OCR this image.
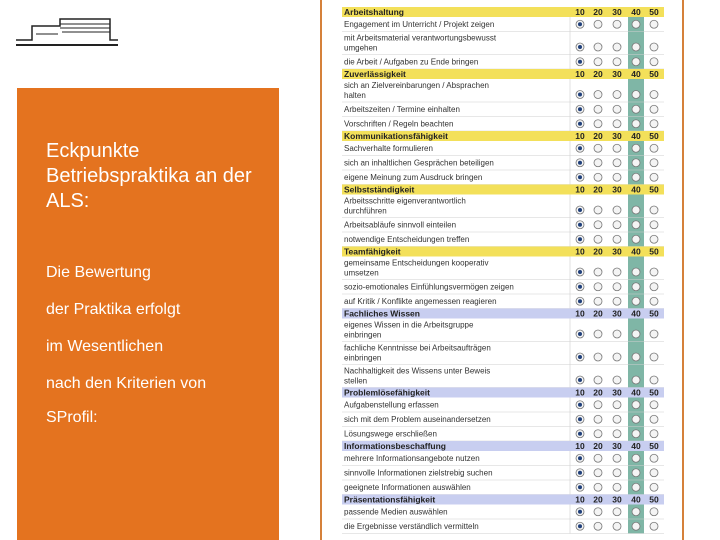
Eckpunkte Betriebspraktika an der ALS:
Die Bewertung
der Praktika erfolgt
im Wesentlichen
nach den Kriterien von
SProfil:
Arbeitshaltung	10 20 30 40 50
Engagement im Unterricht / Projekt zeigen
mit Arbeitsmaterial verantwortungsbewusst umgehen
die Arbeit / Aufgaben zu Ende bringen
Zuverlässigkeit	10 20 30 40 50
sich an Zielvereinbarungen / Absprachen halten
Arbeitszeiten / Termine einhalten
Vorschriften / Regeln beachten
Kommunikationsfähigkeit	10 20 30 40 50
Sachverhalte formulieren
sich an inhaltlichen Gesprächen beteiligen
eigene Meinung zum Ausdruck bringen
Selbstständigkeit	10 20 30 40 50
Arbeitsschritte eigenverantwortlich durchführen
Arbeitsabläufe sinnvoll einteilen
notwendige Entscheidungen treffen
Teamfähigkeit	10 20 30 40 50
gemeinsame Entscheidungen kooperativ umsetzen
sozio-emotionales Einfühlungsvermögen zeigen
auf Kritik / Konflikte angemessen reagieren
Fachliches Wissen	10 20 30 40 50
eigenes Wissen in die Arbeitsgruppe einbringen
fachliche Kenntnisse bei Arbeitsaufträgen einbringen
Nachhaltigkeit des Wissens unter Beweis stellen
Problemlösefähigkeit	10 20 30 40 50
Aufgabenstellung erfassen
sich mit dem Problem auseinandersetzen
Lösungswege erschließen
Informationsbeschaffung	10 20 30 40 50
mehrere Informationsangebote nutzen
sinnvolle Informationen zielstrebig suchen
geeignete Informationen auswählen
Präsentationsfähigkeit	10 20 30 40 50
passende Medien auswählen
die Ergebnisse verständlich vermitteln
